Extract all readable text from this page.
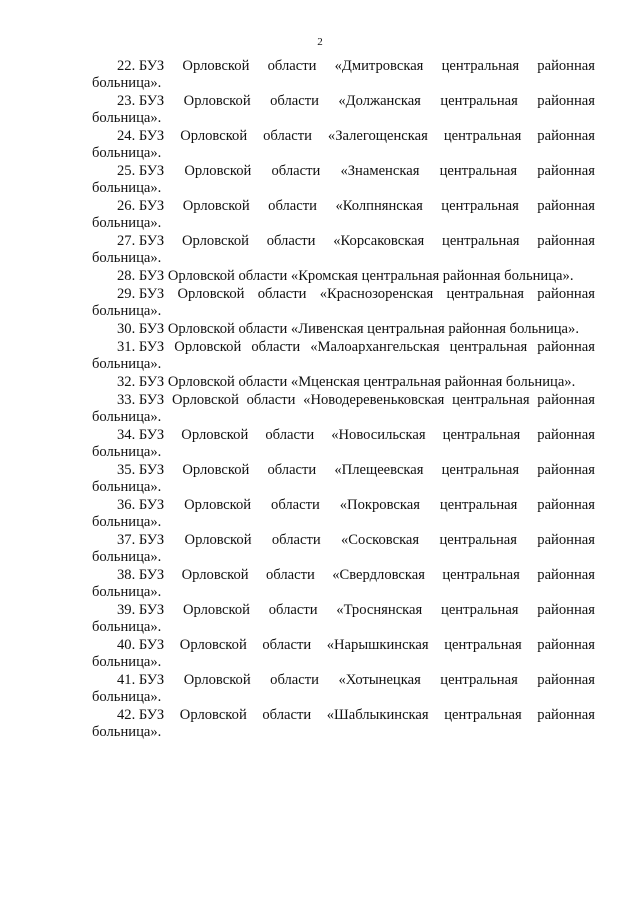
2
22. БУЗ Орловской области «Дмитровская центральная районная
больница».
23. БУЗ Орловской области «Должанская центральная районная
больница».
24. БУЗ Орловской области «Залегощенская центральная районная
больница».
25. БУЗ Орловской области «Знаменская центральная районная
больница».
26. БУЗ Орловской области «Колпнянская центральная районная
больница».
27. БУЗ Орловской области «Корсаковская центральная районная
больница».
28. БУЗ Орловской области «Кромская центральная районная больница».
29. БУЗ Орловской области «Краснозоренская центральная районная
больница».
30. БУЗ Орловской области «Ливенская центральная районная больница».
31. БУЗ Орловской области «Малоархангельская центральная районная
больница».
32. БУЗ Орловской области «Мценская центральная районная больница».
33. БУЗ Орловской области «Новодеревеньковская центральная районная
больница».
34. БУЗ Орловской области «Новосильская центральная районная
больница».
35. БУЗ Орловской области «Плещеевская центральная районная
больница».
36. БУЗ Орловской области «Покровская центральная районная
больница».
37. БУЗ Орловской области «Сосковская центральная районная
больница».
38. БУЗ Орловской области «Свердловская центральная районная
больница».
39. БУЗ Орловской области «Троснянская центральная районная
больница».
40. БУЗ Орловской области «Нарышкинская центральная районная
больница».
41. БУЗ Орловской области «Хотынецкая центральная районная
больница».
42. БУЗ Орловской области «Шаблыкинская центральная районная
больница».
